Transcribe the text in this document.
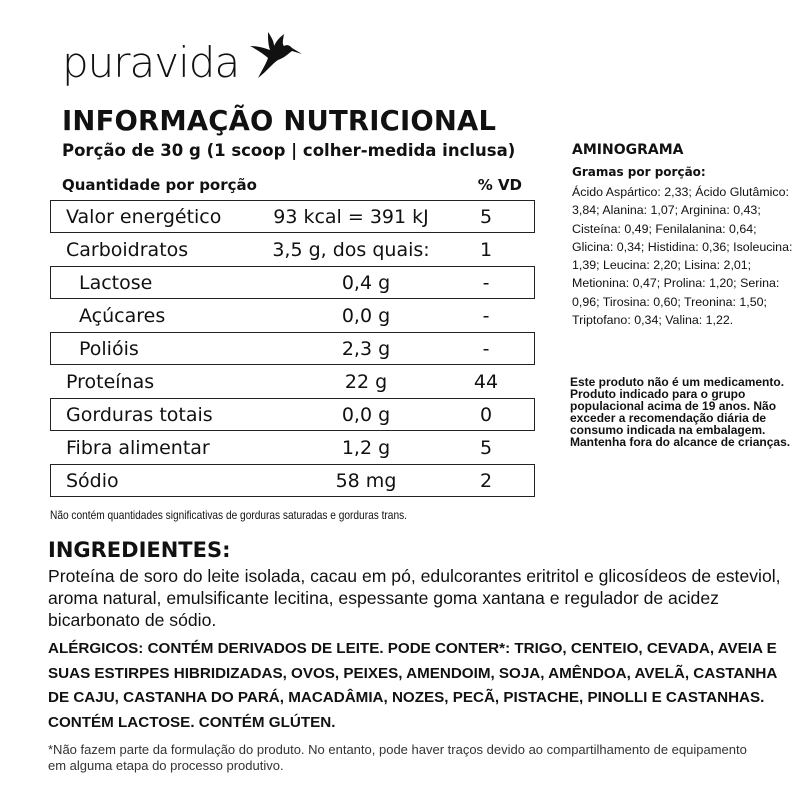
puravida
INFORMAÇÃO NUTRICIONAL
Porção de 30 g (1 scoop | colher-medida inclusa)
Quantidade por porção	% VD
Valor energético	93 kcal = 391 kJ	5
Carboidratos	3,5 g, dos quais:	1
Lactose	0,4 g	-
Açúcares	0,0 g	-
Polióis	2,3 g	-
Proteínas	22 g	44
Gorduras totais	0,0 g	0
Fibra alimentar	1,2 g	5
Sódio	58 mg	2
Não contém quantidades significativas de gorduras saturadas e gorduras trans.
AMINOGRAMA
Gramas por porção:
Ácido Aspártico: 2,33; Ácido Glutâmico: 3,84; Alanina: 1,07; Arginina: 0,43; Cisteína: 0,49; Fenilalanina: 0,64; Glicina: 0,34; Histidina: 0,36; Isoleucina: 1,39; Leucina: 2,20; Lisina: 2,01; Metionina: 0,47; Prolina: 1,20; Serina: 0,96; Tirosina: 0,60; Treonina: 1,50; Triptofano: 0,34; Valina: 1,22.
Este produto não é um medicamento. Produto indicado para o grupo populacional acima de 19 anos. Não exceder a recomendação diária de consumo indicada na embalagem. Mantenha fora do alcance de crianças.
INGREDIENTES:
Proteína de soro do leite isolada, cacau em pó, edulcorantes eritritol e glicosídeos de esteviol, aroma natural, emulsificante lecitina, espessante goma xantana e regulador de acidez bicarbonato de sódio.
ALÉRGICOS: CONTÉM DERIVADOS DE LEITE. PODE CONTER*: TRIGO, CENTEIO, CEVADA, AVEIA E SUAS ESTIRPES HIBRIDIZADAS, OVOS, PEIXES, AMENDOIM, SOJA, AMÊNDOA, AVELÃ, CASTANHA DE CAJU, CASTANHA DO PARÁ, MACADÂMIA, NOZES, PECÃ, PISTACHE, PINOLLI E CASTANHAS. CONTÉM LACTOSE. CONTÉM GLÚTEN.
*Não fazem parte da formulação do produto. No entanto, pode haver traços devido ao compartilhamento de equipamento em alguma etapa do processo produtivo.
